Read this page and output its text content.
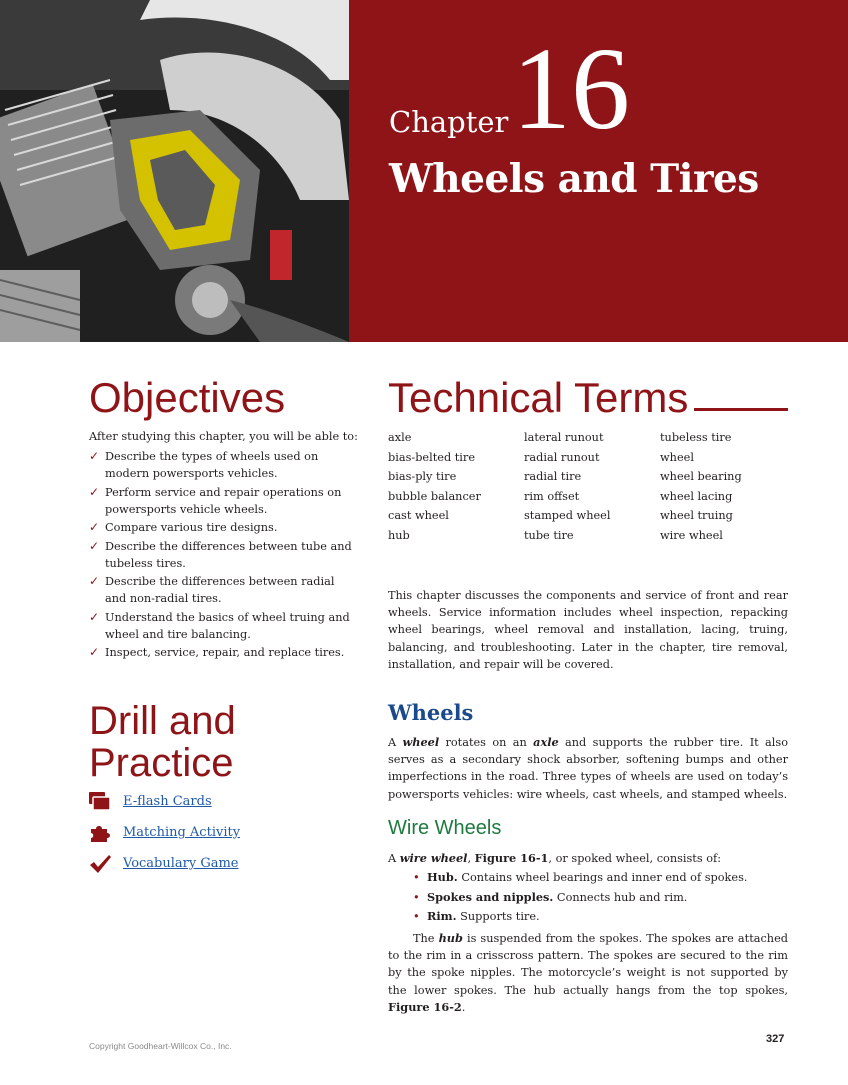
Chapter 16
Wheels and Tires
Objectives

After studying this chapter, you will be able to:

✓ Describe the types of wheels used on modern powersports vehicles.
✓ Perform service and repair operations on powersports vehicle wheels.
✓ Compare various tire designs.
✓ Describe the differences between tube and tubeless tires.
✓ Describe the differences between radial and non-radial tires.
✓ Understand the basics of wheel truing and wheel and tire balancing.
✓ Inspect, service, repair, and replace tires.
Technical Terms
axle	lateral runout	tubeless tire
bias-belted tire	radial runout	wheel
bias-ply tire	radial tire	wheel bearing
bubble balancer	rim offset	wheel lacing
cast wheel	stamped wheel	wheel truing
hub	tube tire	wire wheel

This chapter discusses the components and service of front and rear wheels. Service information includes wheel inspection, repacking wheel bearings, wheel removal and installation, lacing, truing, balancing, and troubleshooting. Later in the chapter, tire removal, installation, and repair will be covered.

Drill and
Practice
E-flash Cards
Matching Activity
Vocabulary Game
Wheels

A wheel rotates on an axle and supports the rubber tire. It also serves as a secondary shock absorber, softening bumps and other imperfections in the road. Three types of wheels are used on today’s powersports vehicles: wire wheels, cast wheels, and stamped wheels.

Wire Wheels

A wire wheel, Figure 16-1, or spoked wheel, consists of:

• Hub. Contains wheel bearings and inner end of spokes.
• Spokes and nipples. Connects hub and rim.
• Rim. Supports tire.

The hub is suspended from the spokes. The spokes are attached to the rim in a crisscross pattern. The spokes are secured to the rim by the spoke nipples. The motorcycle’s weight is not supported by the lower spokes. The hub actually hangs from the top spokes, Figure 16-2.

Copyright Goodheart-Willcox Co., Inc.
327
